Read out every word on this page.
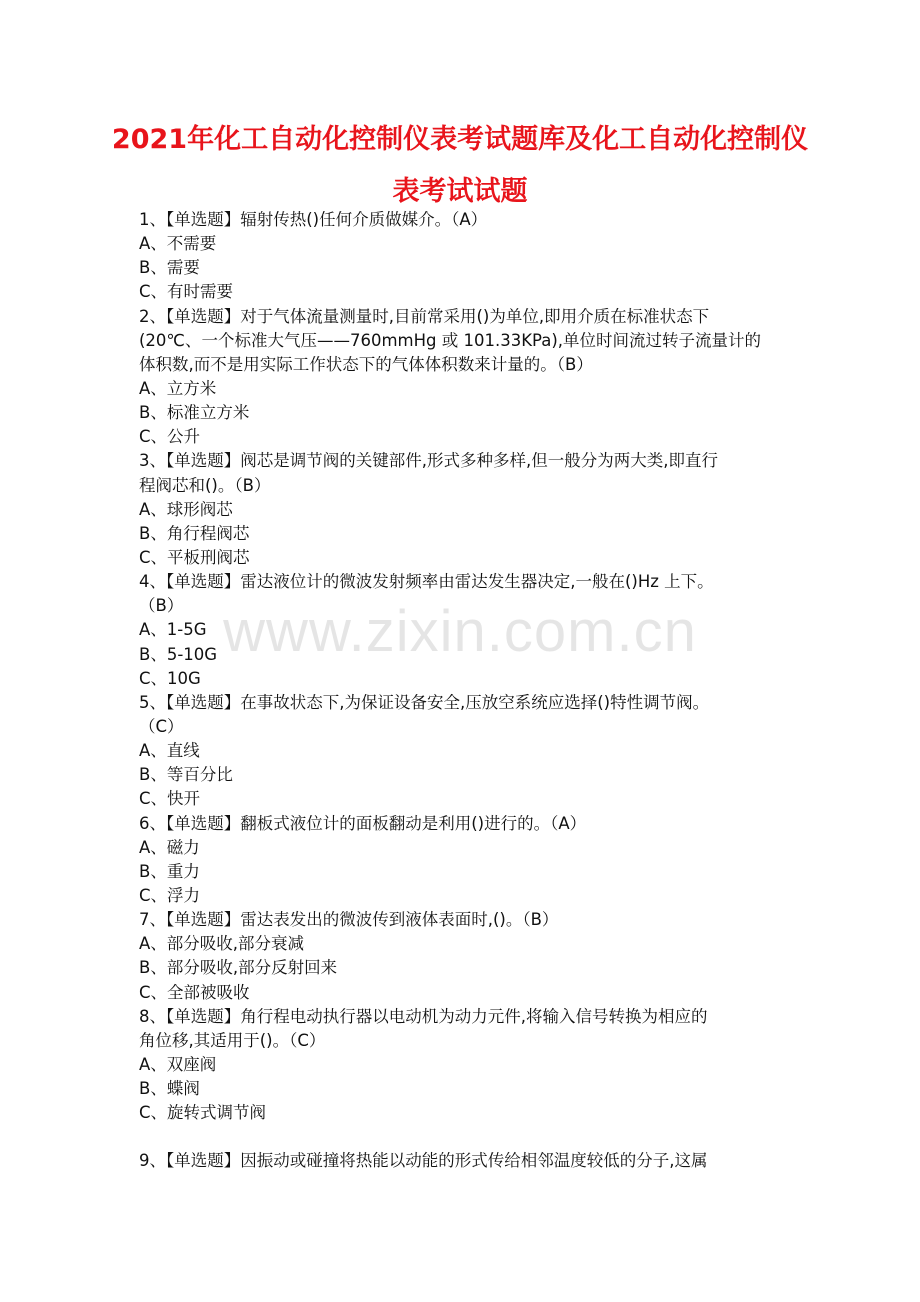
2021年化工自动化控制仪表考试题库及化工自动化控制仪
表考试试题
1、【单选题】辐射传热()任何介质做媒介。（A）
A、不需要
B、需要
C、有时需要
2、【单选题】对于气体流量测量时,目前常采用()为单位,即用介质在标准状态下
(20℃、一个标准大气压——760mmHg 或 101.33KPa),单位时间流过转子流量计的
体积数,而不是用实际工作状态下的气体体积数来计量的。（B）
A、立方米
B、标准立方米
C、公升
3、【单选题】阀芯是调节阀的关键部件,形式多种多样,但一般分为两大类,即直行
程阀芯和()。（B）
A、球形阀芯
B、角行程阀芯
C、平板刑阀芯
4、【单选题】雷达液位计的微波发射频率由雷达发生器决定,一般在()Hz 上下。
（B）
A、1-5G
B、5-10G
C、10G
5、【单选题】在事故状态下,为保证设备安全,压放空系统应选择()特性调节阀。
（C）
A、直线
B、等百分比
C、快开
6、【单选题】翻板式液位计的面板翻动是利用()进行的。（A）
A、磁力
B、重力
C、浮力
7、【单选题】雷达表发出的微波传到液体表面时,()。（B）
A、部分吸收,部分衰减
B、部分吸收,部分反射回来
C、全部被吸收
8、【单选题】角行程电动执行器以电动机为动力元件,将输入信号转换为相应的
角位移,其适用于()。（C）
A、双座阀
B、蝶阀
C、旋转式调节阀
9、【单选题】因振动或碰撞将热能以动能的形式传给相邻温度较低的分子,这属
www.zixin.com.cn
